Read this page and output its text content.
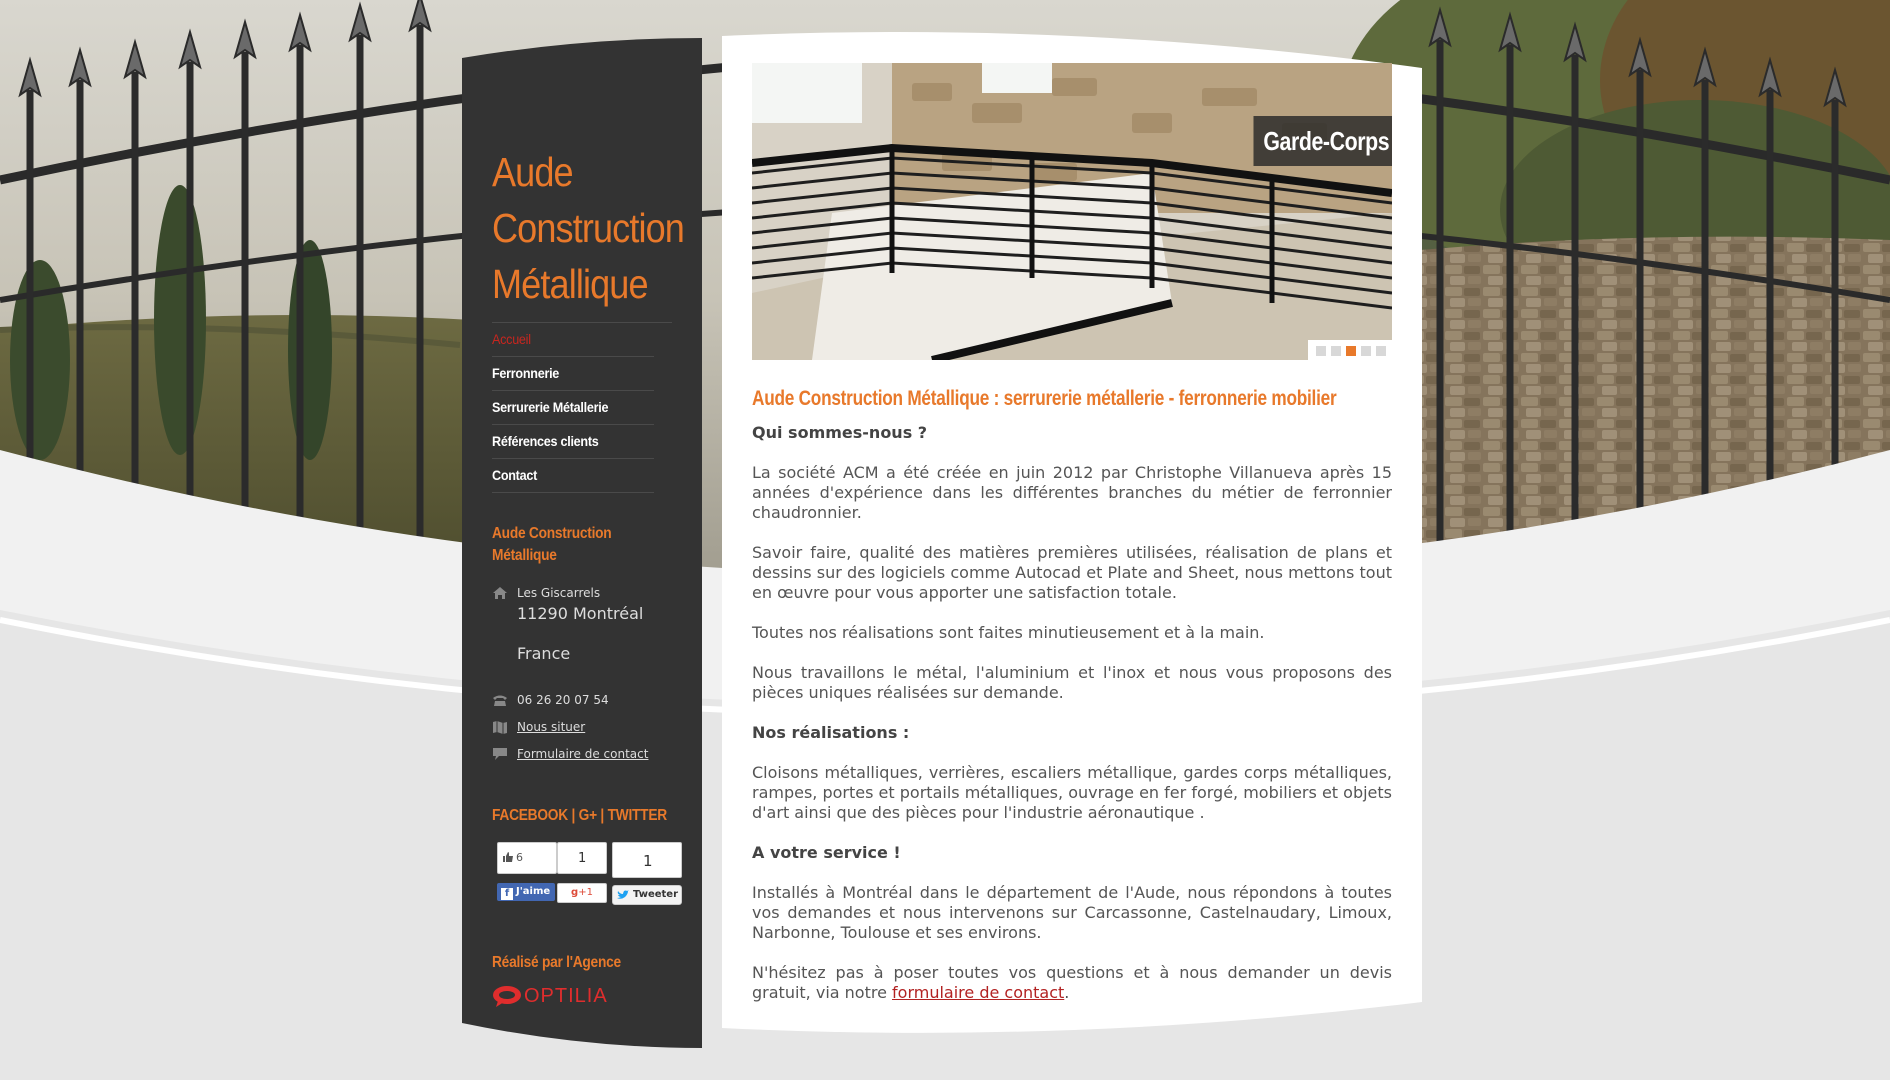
Aude
Construction
Métallique
Accueil
Ferronnerie
Serrurerie Métallerie
Références clients
Contact
Aude Construction
Métallique
Les Giscarrels
11290 Montréal
France
06 26 20 07 54
Nous situer
Formulaire de contact
FACEBOOK | G+ | TWITTER
6
f J'aime
1
g+1
1
Tweeter
Réalisé par l'Agence
OPTILIA
Garde-Corps
Aude Construction Métallique : serrurerie métallerie - ferronnerie mobilier

Qui sommes-nous ?

La société ACM a été créée en juin 2012 par Christophe Villanueva après 15 années d'expérience dans les différentes branches du métier de ferronnier chaudronnier.

Savoir faire, qualité des matières premières utilisées, réalisation de plans et dessins sur des logiciels comme Autocad et Plate and Sheet, nous mettons tout en œuvre pour vous apporter une satisfaction totale.

Toutes nos réalisations sont faites minutieusement et à la main.

Nous travaillons le métal, l'aluminium et l'inox et nous vous proposons des pièces uniques réalisées sur demande.

Nos réalisations :

Cloisons métalliques, verrières, escaliers métallique, gardes corps métalliques, rampes, portes et portails métalliques, ouvrage en fer forgé, mobiliers et objets d'art ainsi que des pièces pour l'industrie aéronautique .

A votre service !

Installés à Montréal dans le département de l'Aude, nous répondons à toutes vos demandes et nous intervenons sur Carcassonne, Castelnaudary, Limoux, Narbonne, Toulouse et ses environs.

N'hésitez pas à poser toutes vos questions et à nous demander un devis gratuit, via notre formulaire de contact.
